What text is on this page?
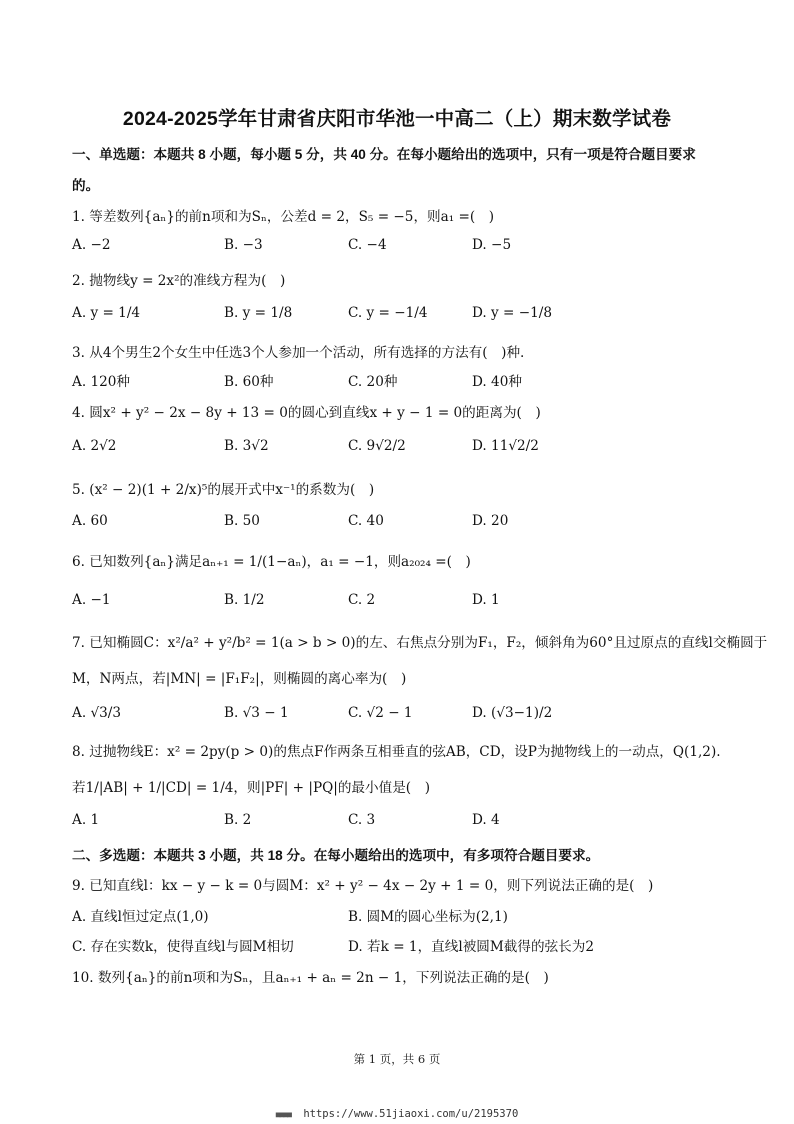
2024-2025学年甘肃省庆阳市华池一中高二（上）期末数学试卷
一、单选题：本题共 8 小题，每小题 5 分，共 40 分。在每小题给出的选项中，只有一项是符合题目要求
的。
1. 等差数列{aₙ}的前n项和为Sₙ，公差d = 2，S₅ = −5，则a₁ =(　)
A. −2	B. −3	C. −4	D. −5
2. 抛物线y = 2x²的准线方程为(　)
A. y = 1/4	B. y = 1/8	C. y = −1/4	D. y = −1/8
3. 从4个男生2个女生中任选3个人参加一个活动，所有选择的方法有(　)种.
A. 120种	B. 60种	C. 20种	D. 40种
4. 圆x² + y² − 2x − 8y + 13 = 0的圆心到直线x + y − 1 = 0的距离为(　)
A. 2√2	B. 3√2	C. 9√2/2	D. 11√2/2
5. (x² − 2)(1 + 2/x)⁵的展开式中x⁻¹的系数为(　)
A. 60	B. 50	C. 40	D. 20
6. 已知数列{aₙ}满足aₙ₊₁ = 1/(1−aₙ)，a₁ = −1，则a₂₀₂₄ =(　)
A. −1	B. 1/2	C. 2	D. 1
7. 已知椭圆C：x²/a² + y²/b² = 1(a > b > 0)的左、右焦点分别为F₁，F₂，倾斜角为60°且过原点的直线l交椭圆于
M，N两点，若|MN| = |F₁F₂|，则椭圆的离心率为(　)
A. √3/3	B. √3 − 1	C. √2 − 1	D. (√3−1)/2
8. 过抛物线E：x² = 2py(p > 0)的焦点F作两条互相垂直的弦AB，CD，设P为抛物线上的一动点，Q(1,2).
若1/|AB| + 1/|CD| = 1/4，则|PF| + |PQ|的最小值是(　)
A. 1	B. 2	C. 3	D. 4
二、多选题：本题共 3 小题，共 18 分。在每小题给出的选项中，有多项符合题目要求。
9. 已知直线l：kx − y − k = 0与圆M：x² + y² − 4x − 2y + 1 = 0，则下列说法正确的是(　)
A. 直线l恒过定点(1,0)	B. 圆M的圆心坐标为(2,1)
C. 存在实数k，使得直线l与圆M相切	D. 若k = 1，直线l被圆M截得的弦长为2
10. 数列{aₙ}的前n项和为Sₙ，且aₙ₊₁ + aₙ = 2n − 1，下列说法正确的是(　)
第 1 页，共 6 页
■■■■ https://www.51jiaoxi.com/u/2195370
